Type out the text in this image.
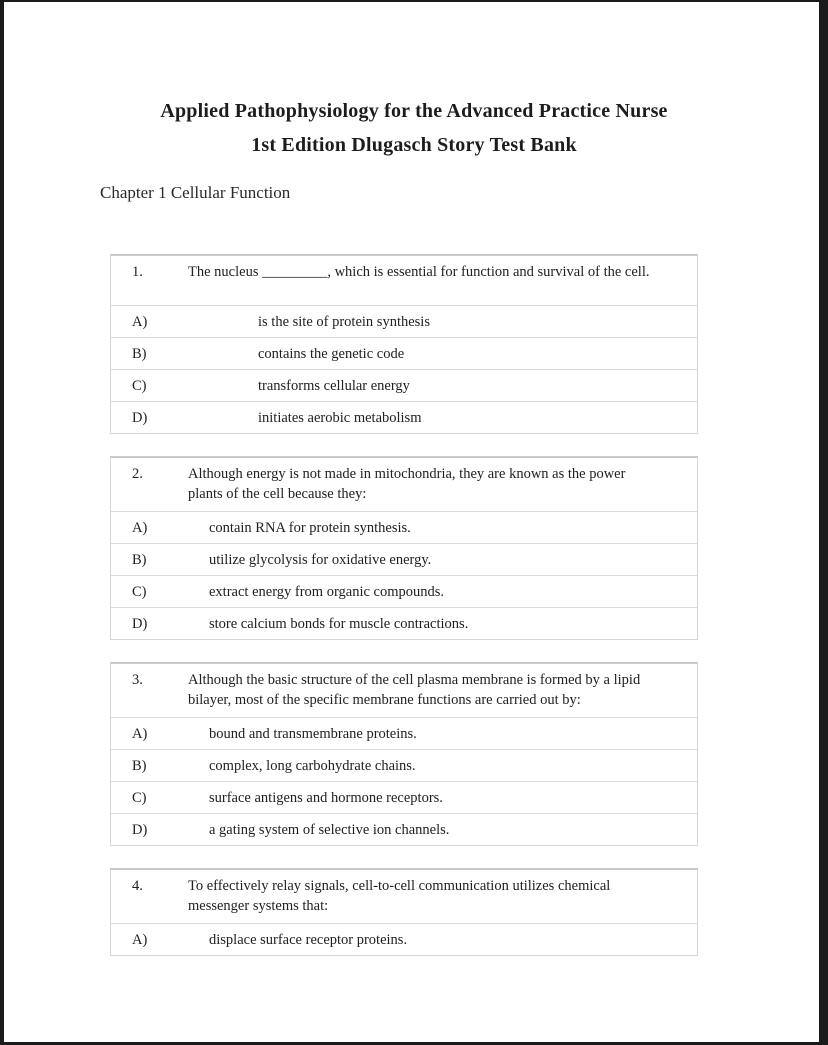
Applied Pathophysiology for the Advanced Practice Nurse
1st Edition Dlugasch Story Test Bank
Chapter 1 Cellular Function
1.	The nucleus _________, which is essential for function and survival of the cell.
A)	is the site of protein synthesis
B)	contains the genetic code
C)	transforms cellular energy
D)	initiates aerobic metabolism
2.	Although energy is not made in mitochondria, they are known as the power plants of the cell because they:
A)	contain RNA for protein synthesis.
B)	utilize glycolysis for oxidative energy.
C)	extract energy from organic compounds.
D)	store calcium bonds for muscle contractions.
3.	Although the basic structure of the cell plasma membrane is formed by a lipid bilayer, most of the specific membrane functions are carried out by:
A)	bound and transmembrane proteins.
B)	complex, long carbohydrate chains.
C)	surface antigens and hormone receptors.
D)	a gating system of selective ion channels.
4.	To effectively relay signals, cell-to-cell communication utilizes chemical messenger systems that:
A)	displace surface receptor proteins.
